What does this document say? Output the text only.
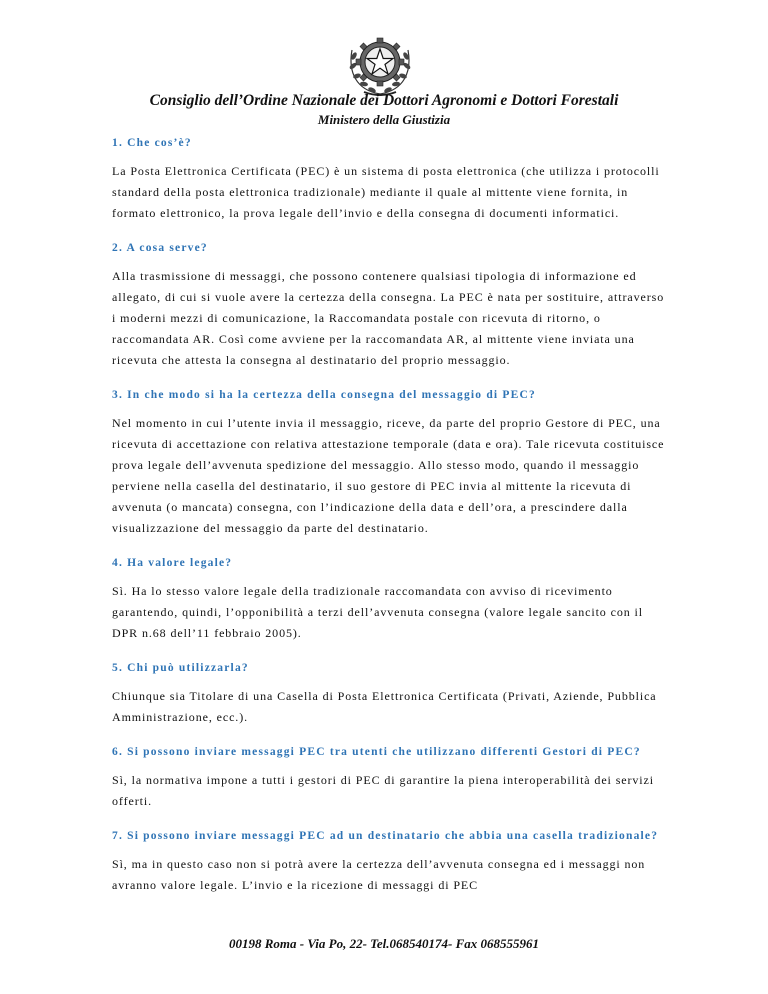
Consiglio dell’Ordine Nazionale dei Dottori Agronomi e Dottori Forestali

Ministero della Giustizia

1. Che cos’è?

La Posta Elettronica Certificata (PEC) è un sistema di posta elettronica (che utilizza i protocolli standard della posta elettronica tradizionale) mediante il quale al mittente viene fornita, in formato elettronico, la prova legale dell’invio e della consegna di documenti informatici.

2. A cosa serve?

Alla trasmissione di messaggi, che possono contenere qualsiasi tipologia di informazione ed allegato, di cui si vuole avere la certezza della consegna. La PEC è nata per sostituire, attraverso i moderni mezzi di comunicazione, la Raccomandata postale con ricevuta di ritorno, o raccomandata AR. Così come avviene per la raccomandata AR, al mittente viene inviata una ricevuta che attesta la consegna al destinatario del proprio messaggio.

3. In che modo si ha la certezza della consegna del messaggio di PEC?

Nel momento in cui l’utente invia il messaggio, riceve, da parte del proprio Gestore di PEC, una ricevuta di accettazione con relativa attestazione temporale (data e ora). Tale ricevuta costituisce prova legale dell’avvenuta spedizione del messaggio. Allo stesso modo, quando il messaggio perviene nella casella del destinatario, il suo gestore di PEC invia al mittente la ricevuta di avvenuta (o mancata) consegna, con l’indicazione della data e dell’ora, a prescindere dalla visualizzazione del messaggio da parte del destinatario.

4. Ha valore legale?

Sì. Ha lo stesso valore legale della tradizionale raccomandata con avviso di ricevimento garantendo, quindi, l’opponibilità a terzi dell’avvenuta consegna (valore legale sancito con il DPR n.68 dell’11 febbraio 2005).

5. Chi può utilizzarla?

Chiunque sia Titolare di una Casella di Posta Elettronica Certificata (Privati, Aziende, Pubblica Amministrazione, ecc.).

6. Si possono inviare messaggi PEC tra utenti che utilizzano differenti Gestori di PEC?

Sì, la normativa impone a tutti i gestori di PEC di garantire la piena interoperabilità dei servizi offerti.

7. Si possono inviare messaggi PEC ad un destinatario che abbia una casella tradizionale?

Sì, ma in questo caso non si potrà avere la certezza dell’avvenuta consegna ed i messaggi non avranno valore legale. L’invio e la ricezione di messaggi di PEC

00198 Roma - Via Po, 22- Tel.068540174- Fax 068555961
